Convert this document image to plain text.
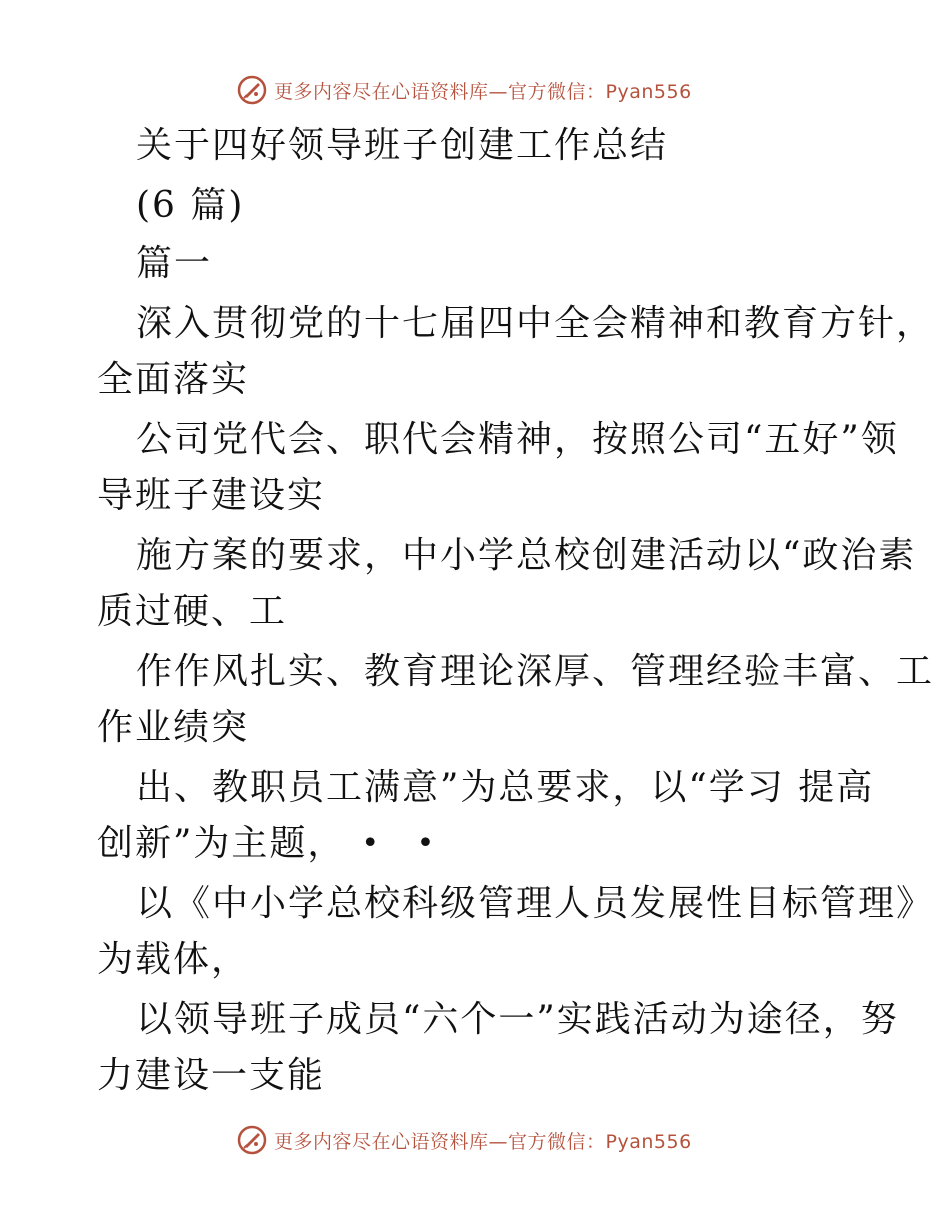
更多内容尽在心语资料库—官方微信：Pyan556
关于四好领导班子创建工作总结
(6 篇)
篇一
深入贯彻党的十七届四中全会精神和教育方针，
全面落实
公司党代会、职代会精神，按照公司“五好”领
导班子建设实
施方案的要求，中小学总校创建活动以“政治素
质过硬、工
作作风扎实、教育理论深厚、管理经验丰富、工
作业绩突
出、教职员工满意”为总要求，以“学习 提高
创新”为主题， • •
以《中小学总校科级管理人员发展性目标管理》
为载体，
以领导班子成员“六个一”实践活动为途径，努
力建设一支能
更多内容尽在心语资料库—官方微信：Pyan556
